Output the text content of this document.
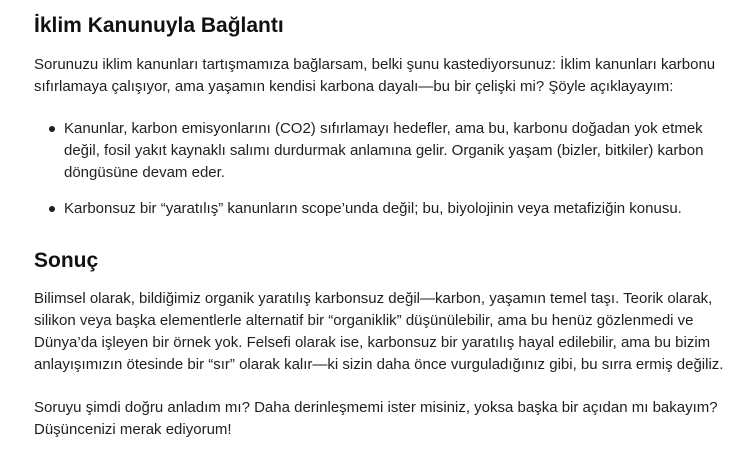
İklim Kanunuyla Bağlantı

Sorunuzu iklim kanunları tartışmamıza bağlarsam, belki şunu kastediyorsunuz: İklim kanunları karbonu sıfırlamaya çalışıyor, ama yaşamın kendisi karbona dayalı—bu bir çelişki mi? Şöyle açıklayayım:

Kanunlar, karbon emisyonlarını (CO2) sıfırlamayı hedefler, ama bu, karbonu doğadan yok etmek değil, fosil yakıt kaynaklı salımı durdurmak anlamına gelir. Organik yaşam (bizler, bitkiler) karbon döngüsüne devam eder.
Karbonsuz bir “yaratılış” kanunların scope’unda değil; bu, biyolojinin veya metafiziğin konusu.
Sonuç

Bilimsel olarak, bildiğimiz organik yaratılış karbonsuz değil—karbon, yaşamın temel taşı. Teorik olarak, silikon veya başka elementlerle alternatif bir “organiklik” düşünülebilir, ama bu henüz gözlenmedi ve Dünya’da işleyen bir örnek yok. Felsefi olarak ise, karbonsuz bir yaratılış hayal edilebilir, ama bu bizim anlayışımızın ötesinde bir “sır” olarak kalır—ki sizin daha önce vurguladığınız gibi, bu sırra ermiş değiliz.

Soruyu şimdi doğru anladım mı? Daha derinleşmemi ister misiniz, yoksa başka bir açıdan mı bakayım? Düşüncenizi merak ediyorum!
